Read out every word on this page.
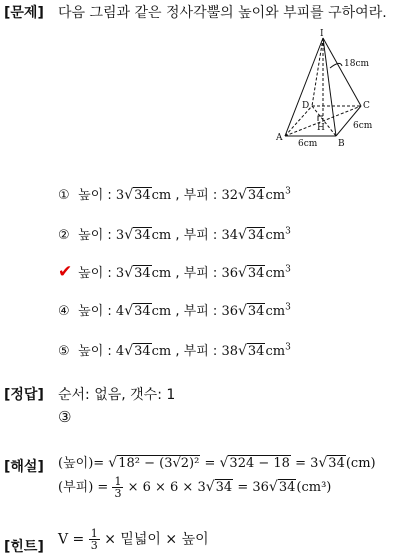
[문제] 다음 그림과 같은 정사각뿔의 높이와 부피를 구하여라.
I
18cm
D	C
H
A
B
6cm
6cm
① 높이 : 3√34cm , 부피 : $32√34cm^3$
② 높이 : 3√34cm , 부피 : $34√34cm^3$
✔ 높이 : 3√34cm , 부피 : $36√34cm^3$
④ 높이 : 4√34cm , 부피 : $36√34cm^3$
⑤ 높이 : 4√34cm , 부피 : $38√34cm^3$
[정답] 순서: 없음, 갯수: 1
③
[해설] (높이)= √18² − (3√2)² = √324 − 18 = 3√34(cm)
(부피) = $\frac{1}{3} \times 6 \times 6 \times 3√34 = 36√34(cm^3)$
[힌트] $V = \frac{1}{3}$ × 밑넓이 × 높이
